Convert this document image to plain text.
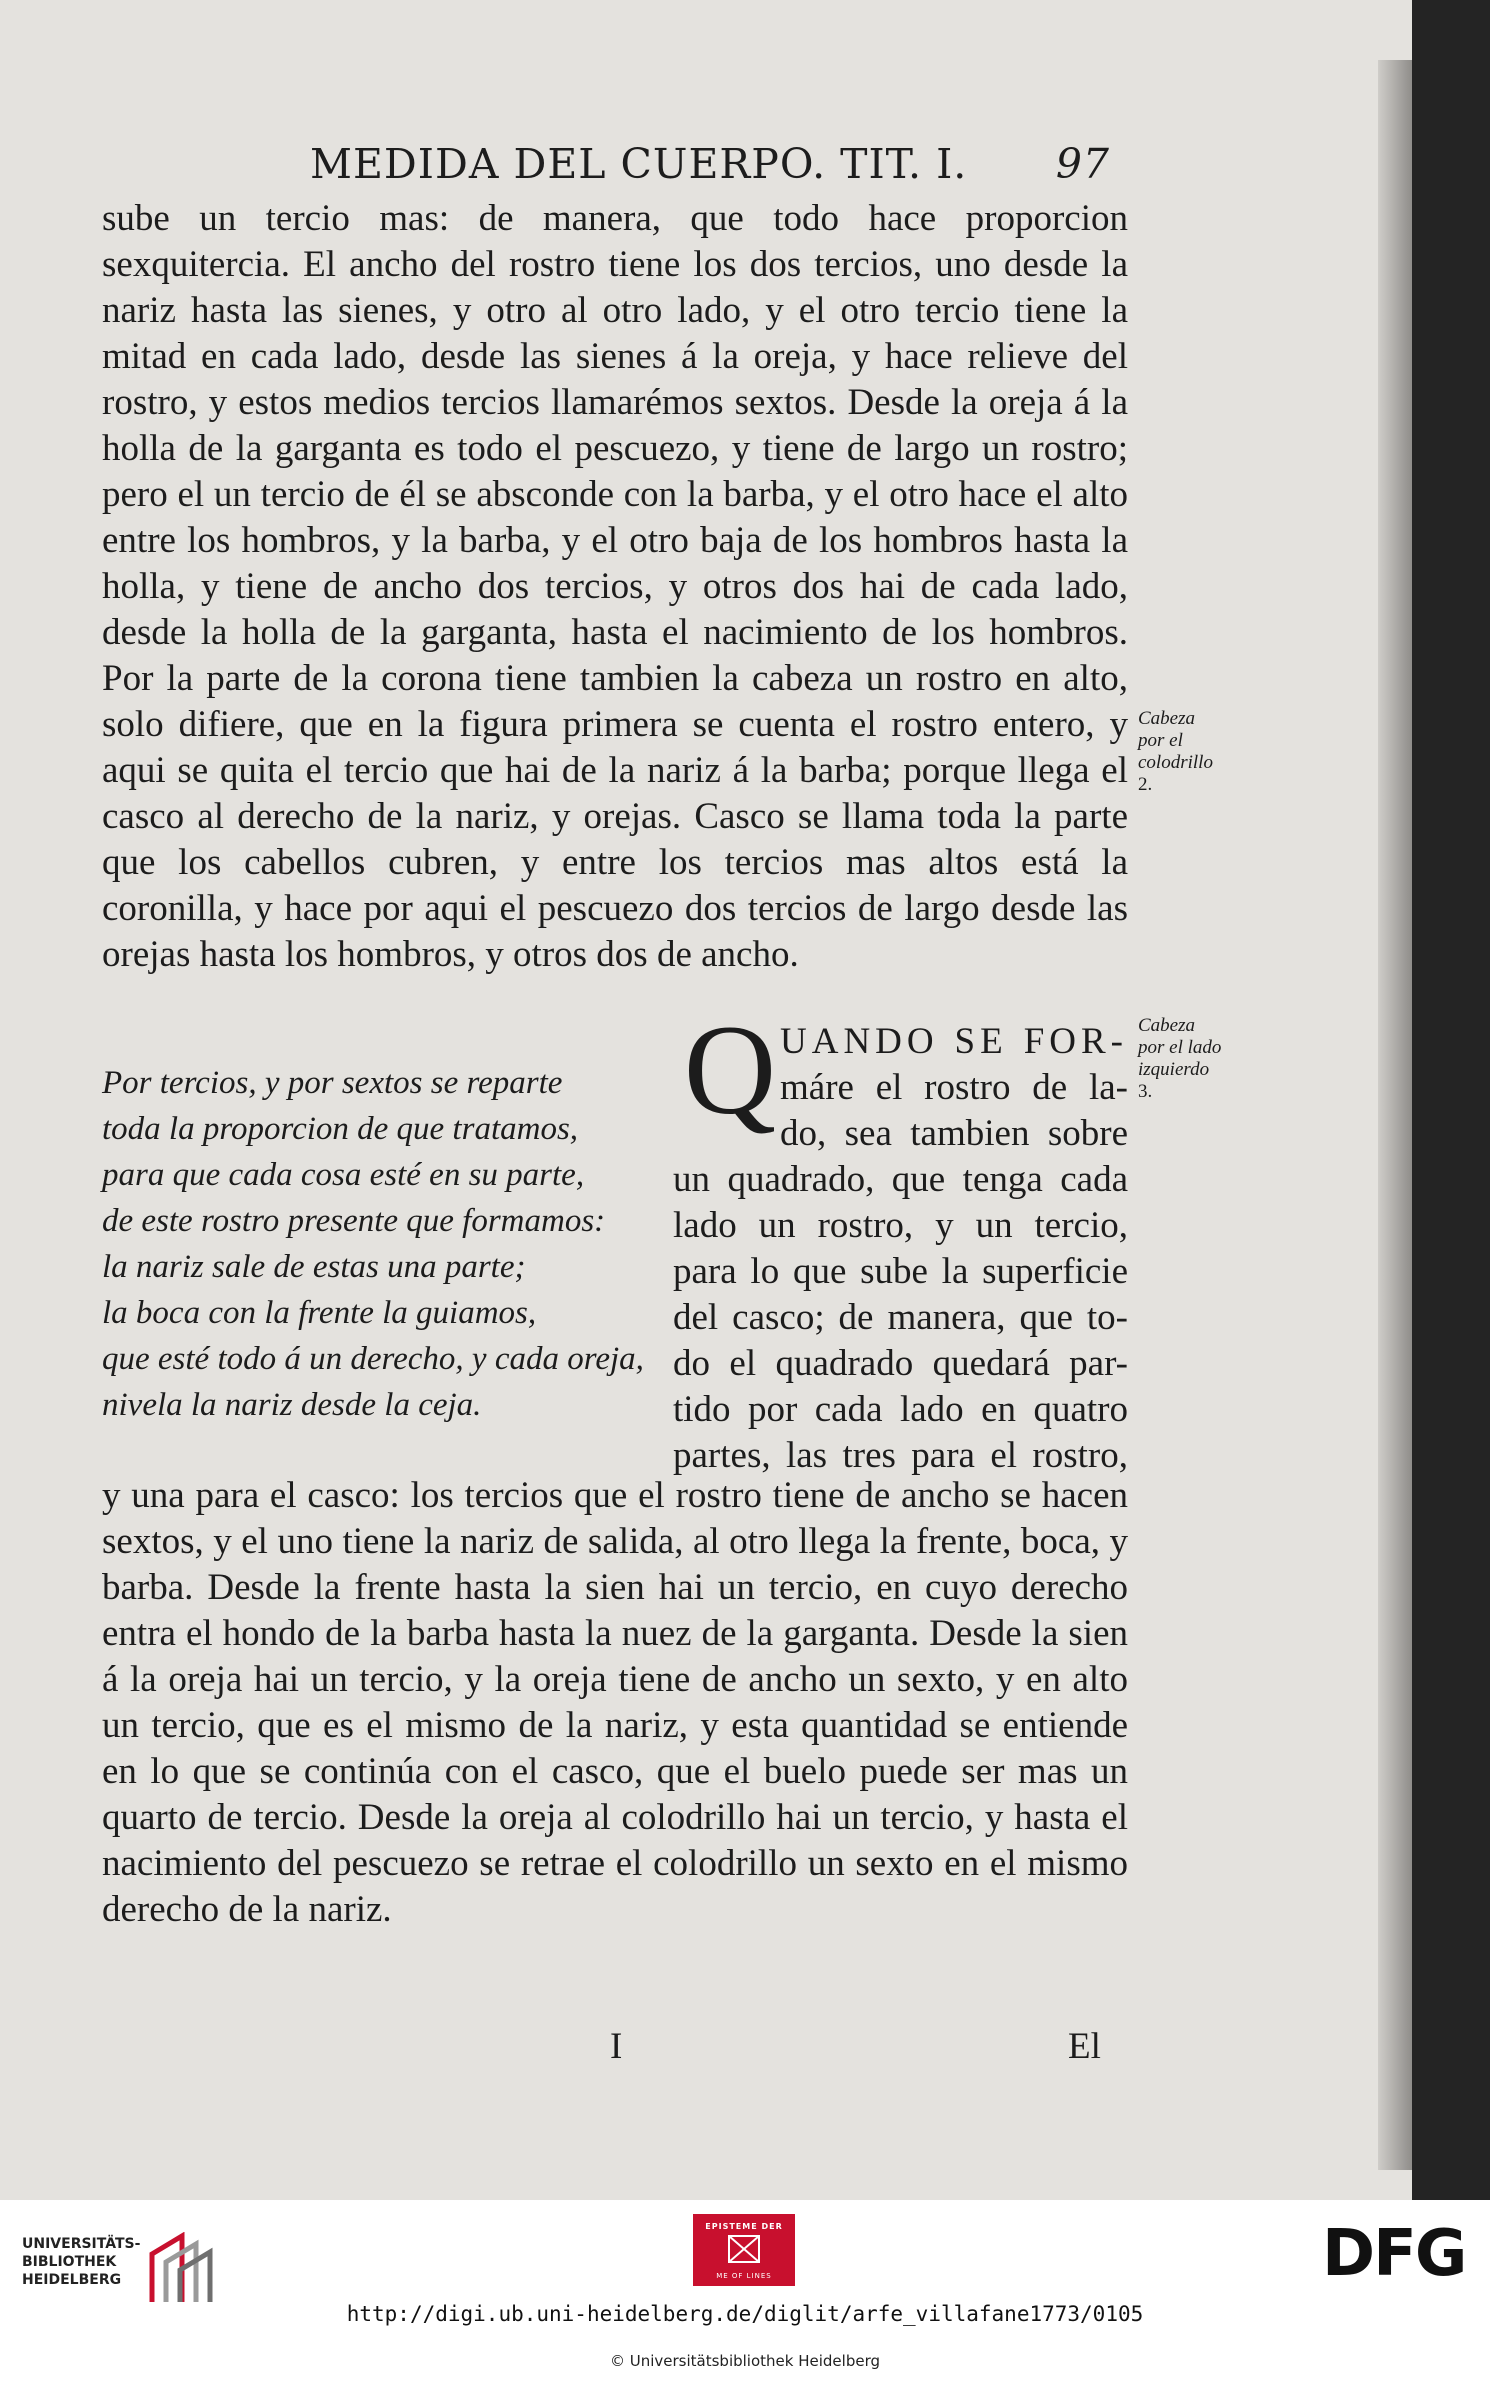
MEDIDA DEL CUERPO. TIT. I. 97

sube un tercio mas: de manera, que todo hace proporcion sexquitercia. El ancho del rostro tiene los dos tercios, uno desde la nariz hasta las sienes, y otro al otro lado, y el otro tercio tiene la mitad en cada lado, desde las sienes á la oreja, y hace relieve del rostro, y estos medios tercios llamarémos sextos. Desde la oreja á la holla de la garganta es todo el pescuezo, y tiene de largo un rostro; pero el un tercio de él se absconde con la barba, y el otro hace el alto entre los hombros, y la barba, y el otro baja de los hombros hasta la holla, y tiene de ancho dos tercios, y otros dos hai de cada lado, desde la holla de la garganta, hasta el nacimiento de los hombros. Por la parte de la corona tiene tambien la cabeza un rostro en alto, solo difiere, que en la figura primera se cuenta el rostro entero, y aqui se quita el tercio que hai de la nariz á la barba; porque llega el casco al derecho de la nariz, y orejas. Casco se llama toda la parte que los cabellos cubren, y entre los tercios mas altos está la coronilla, y hace por aqui el pescuezo dos tercios de largo desde las orejas hasta los hombros, y otros dos de ancho.

Cabeza por el colodrillo
2.
Q UANDO SE FOR-
máre el rostro de la-
do, sea tambien sobre
un quadrado, que tenga cada
lado un rostro, y un tercio,
para lo que sube la superficie
del casco; de manera, que to-
do el quadrado quedará par-
tido por cada lado en quatro
partes, las tres para el rostro,
Por tercios, y por sextos se reparte
toda la proporcion de que tratamos,
para que cada cosa esté en su parte,
de este rostro presente que formamos:
la nariz sale de estas una parte;
la boca con la frente la guiamos,
que esté todo á un derecho, y cada oreja,
nivela la nariz desde la ceja.
Cabeza por el lado izquierdo
3.

y una para el casco: los tercios que el rostro tiene de ancho se hacen sextos, y el uno tiene la nariz de salida, al otro llega la frente, boca, y barba. Desde la frente hasta la sien hai un tercio, en cuyo derecho entra el hondo de la barba hasta la nuez de la garganta. Desde la sien á la oreja hai un tercio, y la oreja tiene de ancho un sexto, y en alto un tercio, que es el mismo de la nariz, y esta quantidad se entiende en lo que se continúa con el casco, que el buelo puede ser mas un quarto de tercio. Desde la oreja al colodrillo hai un tercio, y hasta el nacimiento del pescuezo se retrae el colodrillo un sexto en el mismo derecho de la nariz.

I	El
UNIVERSITÄTS- BIBLIOTHEK HEIDELBERG
EPISTEME DER
ME OF LINES	DFG
http://digi.ub.uni-heidelberg.de/diglit/arfe_villafane1773/0105
© Universitätsbibliothek Heidelberg
